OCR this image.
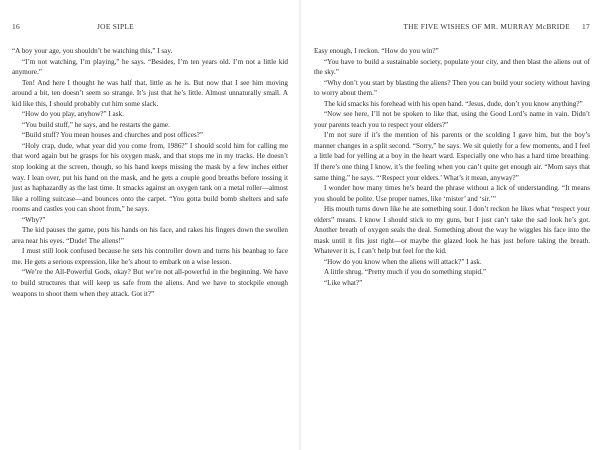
16	JOE SIPLE

“A boy your age, you shouldn’t be watching this,” I say.

“I’m not watching, I’m playing,” he says. “Besides, I’m ten years old. I’m not a little kid anymore.”

Ten! And here I thought he was half that, little as he is. But now that I see him moving around a bit, ten doesn’t seem so strange. It’s just that he’s little. Almost unnaturally small. A kid like this, I should probably cut him some slack.

“How do you play, anyhow?” I ask.

“You build stuff,” he says, and he restarts the game.

“Build stuff? You mean houses and churches and post offices?”

“Holy crap, dude, what year did you come from, 1986?” I should scold him for calling me that word again but he grasps for his oxygen mask, and that stops me in my tracks. He doesn’t stop looking at the screen, though, so his hand keeps missing the mask by a few inches either way. I lean over, put his hand on the mask, and he gets a couple good breaths before tossing it just as haphazardly as the last time. It smacks against an oxygen tank on a metal roller—almost like a rolling suitcase—and bounces onto the carpet. “You gotta build bomb shelters and safe rooms and castles you can shoot from,” he says.

“Why?”

The kid pauses the game, puts his hands on his face, and rakes his fingers down the swollen area near his eyes. “Dude! The aliens!”

I must still look confused because he sets his controller down and turns his beanbag to face me. He gets a serious expression, like he’s about to embark on a wise lesson.

“We’re the All-Powerful Gods, okay? But we’re not all-powerful in the beginning. We have to build structures that will keep us safe from the aliens. And we have to stockpile enough weapons to shoot them when they attack. Got it?”

THE FIVE WISHES OF MR. MURRAY McBRIDE 17

Easy enough, I reckon. “How do you win?”

“You have to build a sustainable society, populate your city, and then blast the aliens out of the sky.”

“Why don’t you start by blasting the aliens? Then you can build your society without having to worry about them.”

The kid smacks his forehead with his open hand. “Jesus, dude, don’t you know anything?”

“Now see here, I’ll not be spoken to like that, using the Good Lord’s name in vain. Didn’t your parents teach you to respect your elders?”

I’m not sure if it’s the mention of his parents or the scolding I gave him, but the boy’s manner changes in a split second. “Sorry,” he says. We sit quietly for a few moments, and I feel a little bad for yelling at a boy in the heart ward. Especially one who has a hard time breathing. If there’s one thing I know, it’s the feeling when you can’t quite get enough air. “Mom says that same thing,” he says. “‘Respect your elders.’ What’s it mean, anyway?”

I wonder how many times he’s heard the phrase without a lick of understanding. “It means you should be polite. Use proper names, like ‘mister’ and ‘sir.’”

His mouth turns down like he ate something sour. I don’t reckon he likes what “respect your elders” means. I know I should stick to my guns, but I just can’t take the sad look he’s got. Another breath of oxygen seals the deal. Something about the way he wiggles his face into the mask until it fits just right—or maybe the glazed look he has just before taking the breath. Whatever it is, I can’t help but feel for the kid.

“How do you know when the aliens will attack?” I ask.

A little shrug. “Pretty much if you do something stupid.”

“Like what?”
